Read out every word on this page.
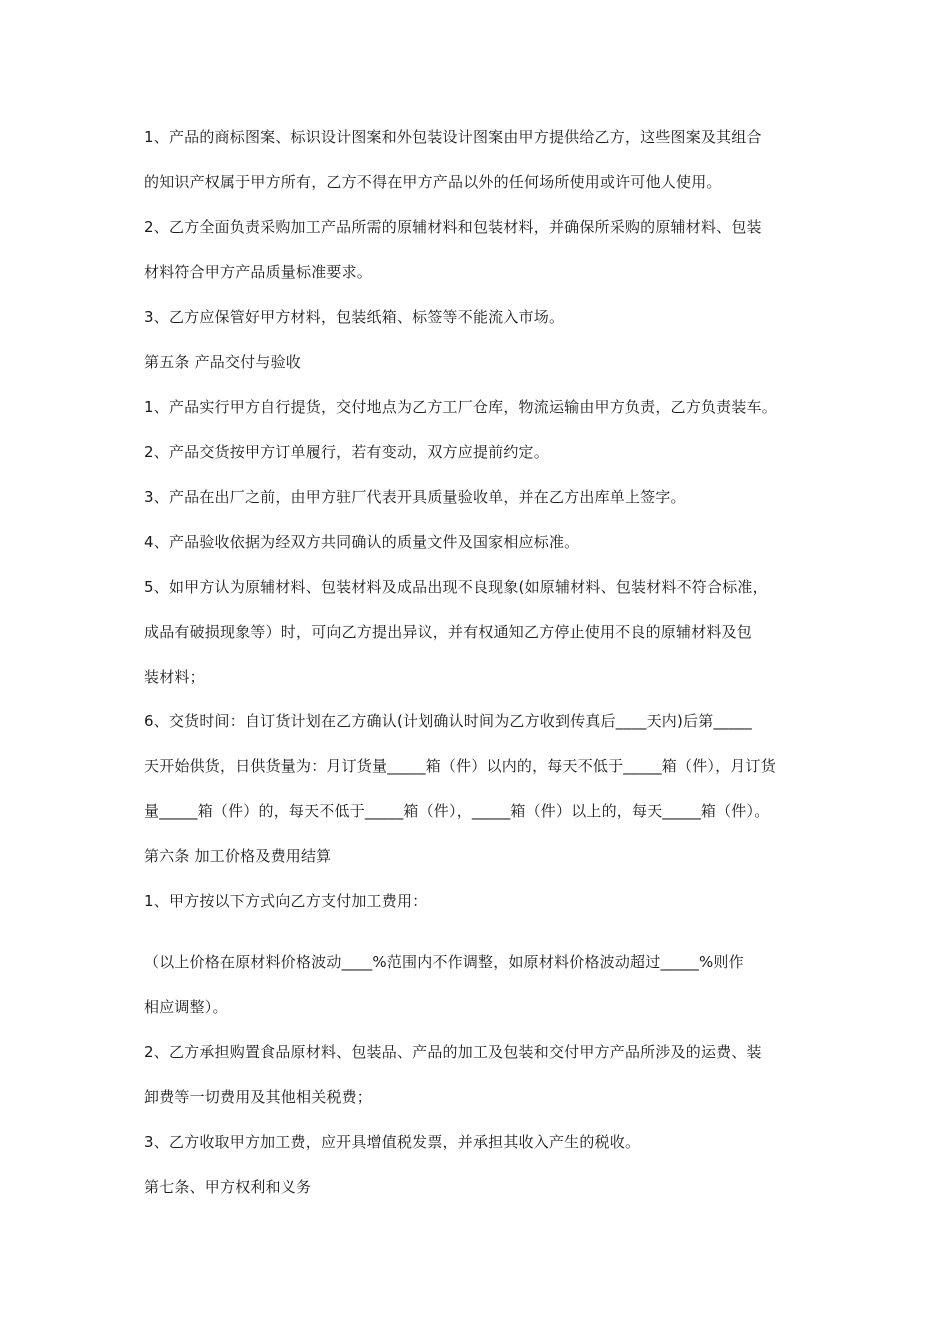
1、产品的商标图案、标识设计图案和外包装设计图案由甲方提供给乙方，这些图案及其组合
的知识产权属于甲方所有，乙方不得在甲方产品以外的任何场所使用或许可他人使用。
2、乙方全面负责采购加工产品所需的原辅材料和包装材料，并确保所采购的原辅材料、包装
材料符合甲方产品质量标准要求。
3、乙方应保管好甲方材料，包装纸箱、标签等不能流入市场。
第五条 产品交付与验收
1、产品实行甲方自行提货，交付地点为乙方工厂仓库，物流运输由甲方负责，乙方负责装车。
2、产品交货按甲方订单履行，若有变动，双方应提前约定。
3、产品在出厂之前，由甲方驻厂代表开具质量验收单，并在乙方出库单上签字。
4、产品验收依据为经双方共同确认的质量文件及国家相应标准。
5、如甲方认为原辅材料、包装材料及成品出现不良现象(如原辅材料、包装材料不符合标准，
成品有破损现象等）时，可向乙方提出异议，并有权通知乙方停止使用不良的原辅材料及包
装材料；
6、交货时间：自订货计划在乙方确认(计划确认时间为乙方收到传真后____天内)后第_____
天开始供货，日供货量为：月订货量_____箱（件）以内的，每天不低于_____箱（件），月订货
量_____箱（件）的，每天不低于_____箱（件），_____箱（件）以上的，每天_____箱（件）。
第六条 加工价格及费用结算
1、甲方按以下方式向乙方支付加工费用：
（以上价格在原材料价格波动____%范围内不作调整，如原材料价格波动超过_____%则作
相应调整）。
2、乙方承担购置食品原材料、包装品、产品的加工及包装和交付甲方产品所涉及的运费、装
卸费等一切费用及其他相关税费；
3、乙方收取甲方加工费，应开具增值税发票，并承担其收入产生的税收。
第七条、甲方权利和义务
